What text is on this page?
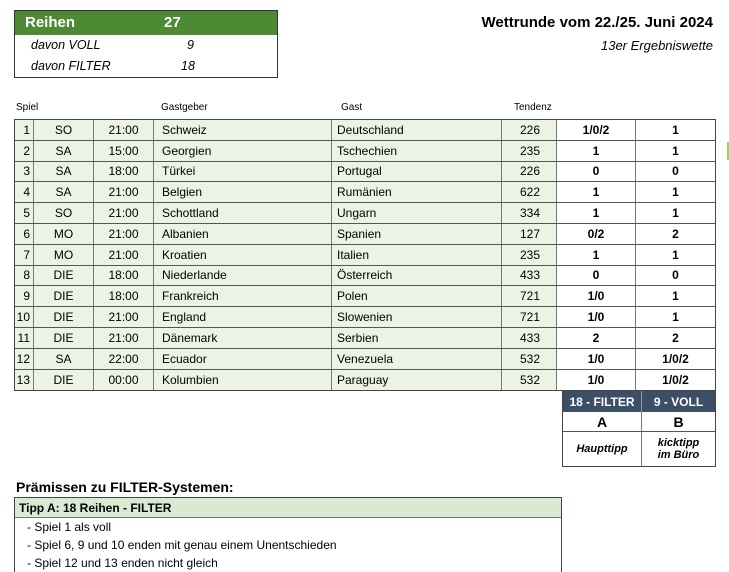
Reihen	27
davon VOLL	9
davon FILTER	18
Wettrunde vom 22./25. Juni 2024
13er Ergebniswette
Spiel	Gastgeber	Gast	Tendenz
1	SO	21:00	Schweiz	Deutschland	226	1/0/2	1
2	SA	15:00	Georgien	Tschechien	235	1	1
3	SA	18:00	Türkei	Portugal	226	0	0
4	SA	21:00	Belgien	Rumänien	622	1	1
5	SO	21:00	Schottland	Ungarn	334	1	1
6	MO	21:00	Albanien	Spanien	127	0/2	2
7	MO	21:00	Kroatien	Italien	235	1	1
8	DIE	18:00	Niederlande	Österreich	433	0	0
9	DIE	18:00	Frankreich	Polen	721	1/0	1
10	DIE	21:00	England	Slowenien	721	1/0	1
11	DIE	21:00	Dänemark	Serbien	433	2	2
12	SA	22:00	Ecuador	Venezuela	532	1/0	1/0/2
13	DIE	00:00	Kolumbien	Paraguay	532	1/0	1/0/2
18 - FILTER	9 - VOLL
A	B
Haupttipp	kicktipp
im Büro
Prämissen zu FILTER-Systemen:
Tipp A: 18 Reihen - FILTER
- Spiel 1 als voll
- Spiel 6, 9 und 10 enden mit genau einem Unentschieden
- Spiel 12 und 13 enden nicht gleich
